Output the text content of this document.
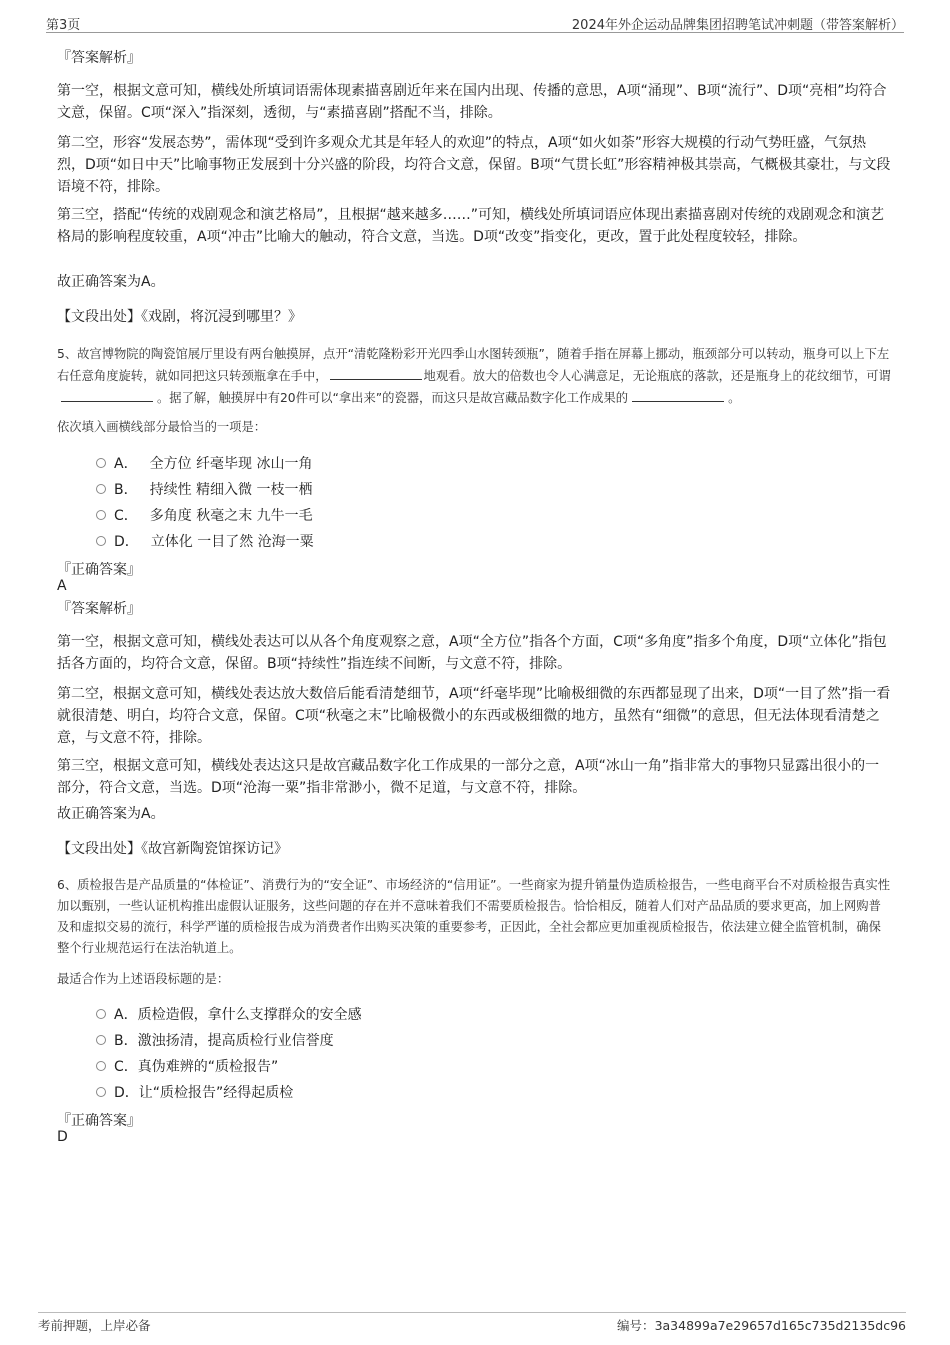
第3页	2024年外企运动品牌集团招聘笔试冲刺题（带答案解析）
『答案解析』
第一空，根据文意可知，横线处所填词语需体现素描喜剧近年来在国内出现、传播的意思，A项“涌现”、B项“流行”、D项“亮相”均符合文意，保留。C项“深入”指深刻，透彻，与“素描喜剧”搭配不当，排除。
第二空，形容“发展态势”，需体现“受到许多观众尤其是年轻人的欢迎”的特点，A项“如火如荼”形容大规模的行动气势旺盛，气氛热烈，D项“如日中天”比喻事物正发展到十分兴盛的阶段，均符合文意，保留。B项“气贯长虹”形容精神极其崇高，气概极其豪壮，与文段语境不符，排除。
第三空，搭配“传统的戏剧观念和演艺格局”，且根据“越来越多……”可知，横线处所填词语应体现出素描喜剧对传统的戏剧观念和演艺格局的影响程度较重，A项“冲击”比喻大的触动，符合文意，当选。D项“改变”指变化，更改，置于此处程度较轻，排除。
故正确答案为A。
【文段出处】《戏剧，将沉浸到哪里？》
5、故宫博物院的陶瓷馆展厅里设有两台触摸屏，点开“清乾隆粉彩开光四季山水图转颈瓶”，随着手指在屏幕上挪动，瓶颈部分可以转动，瓶身可以上下左右任意角度旋转，就如同把这只转颈瓶拿在手中，	地观看。放大的倍数也令人心满意足，无论瓶底的落款，还是瓶身上的花纹细节，可谓。据了解，触摸屏中有20件可以“拿出来”的瓷器，而这只是故宫藏品数字化工作成果的	。
依次填入画横线部分最恰当的一项是：
A． 全方位 纤毫毕现 冰山一角
B． 持续性 精细入微 一枝一栖
C． 多角度 秋毫之末 九牛一毛
D． 立体化 一目了然 沧海一粟
『正确答案』
A
『答案解析』
第一空，根据文意可知，横线处表达可以从各个角度观察之意，A项“全方位”指各个方面，C项“多角度”指多个角度，D项“立体化”指包括各方面的，均符合文意，保留。B项“持续性”指连续不间断，与文意不符，排除。
第二空，根据文意可知，横线处表达放大数倍后能看清楚细节，A项“纤毫毕现”比喻极细微的东西都显现了出来，D项“一目了然”指一看就很清楚、明白，均符合文意，保留。C项“秋毫之末”比喻极微小的东西或极细微的地方，虽然有“细微”的意思，但无法体现看清楚之意，与文意不符，排除。
第三空，根据文意可知，横线处表达这只是故宫藏品数字化工作成果的一部分之意，A项“冰山一角”指非常大的事物只显露出很小的一部分，符合文意，当选。D项“沧海一粟”指非常渺小，微不足道，与文意不符，排除。
故正确答案为A。
【文段出处】《故宫新陶瓷馆探访记》
6、质检报告是产品质量的“体检证”、消费行为的“安全证”、市场经济的“信用证”。一些商家为提升销量伪造质检报告，一些电商平台不对质检报告真实性加以甄别，一些认证机构推出虚假认证服务，这些问题的存在并不意味着我们不需要质检报告。恰恰相反，随着人们对产品品质的要求更高，加上网购普及和虚拟交易的流行，科学严谨的质检报告成为消费者作出购买决策的重要参考，正因此，全社会都应更加重视质检报告，依法建立健全监管机制，确保整个行业规范运行在法治轨道上。
最适合作为上述语段标题的是：
A．质检造假，拿什么支撑群众的安全感
B．激浊扬清，提高质检行业信誉度
C．真伪难辨的“质检报告”
D．让“质检报告”经得起质检
『正确答案』
D
考前押题，上岸必备	编号：3a34899a7e29657d165c735d2135dc96
